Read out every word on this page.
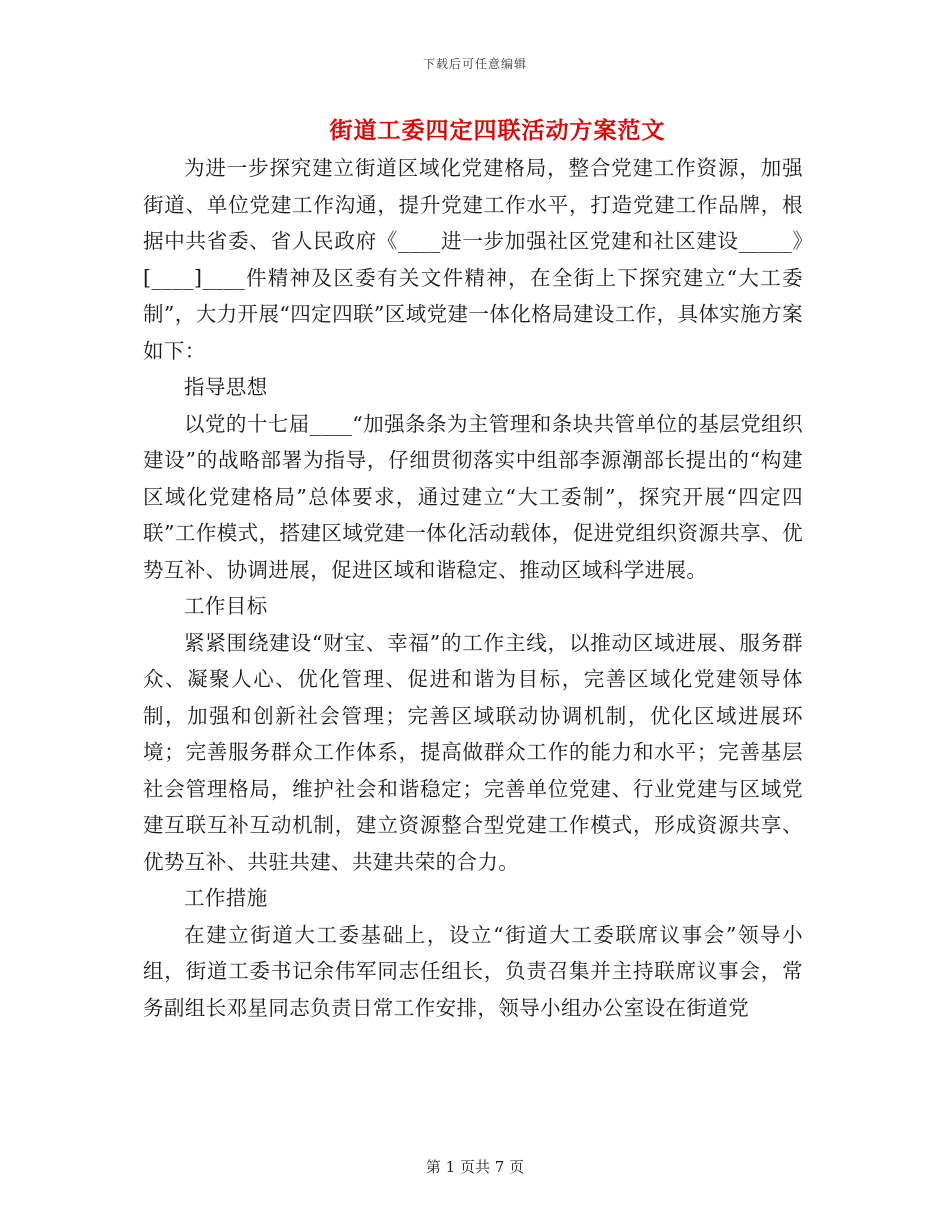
下载后可任意编辑
街道工委四定四联活动方案范文

为进一步探究建立街道区域化党建格局，整合党建工作资源，加强街道、单位党建工作沟通，提升党建工作水平，打造党建工作品牌，根据中共省委、省人民政府《____进一步加强社区党建和社区建设_____》[____]____件精神及区委有关文件精神，在全街上下探究建立“大工委制”，大力开展“四定四联”区域党建一体化格局建设工作，具体实施方案如下：

指导思想

以党的十七届____“加强条条为主管理和条块共管单位的基层党组织建设”的战略部署为指导，仔细贯彻落实中组部李源潮部长提出的“构建区域化党建格局”总体要求，通过建立“大工委制”，探究开展“四定四联”工作模式，搭建区域党建一体化活动载体，促进党组织资源共享、优势互补、协调进展，促进区域和谐稳定、推动区域科学进展。

工作目标

紧紧围绕建设“财宝、幸福”的工作主线，以推动区域进展、服务群众、凝聚人心、优化管理、促进和谐为目标，完善区域化党建领导体制，加强和创新社会管理；完善区域联动协调机制，优化区域进展环境；完善服务群众工作体系，提高做群众工作的能力和水平；完善基层社会管理格局，维护社会和谐稳定；完善单位党建、行业党建与区域党建互联互补互动机制，建立资源整合型党建工作模式，形成资源共享、优势互补、共驻共建、共建共荣的合力。

工作措施

在建立街道大工委基础上，设立“街道大工委联席议事会”领导小组，街道工委书记余伟军同志任组长，负责召集并主持联席议事会，常务副组长邓星同志负责日常工作安排，领导小组办公室设在街道党

第 1 页共 7 页
